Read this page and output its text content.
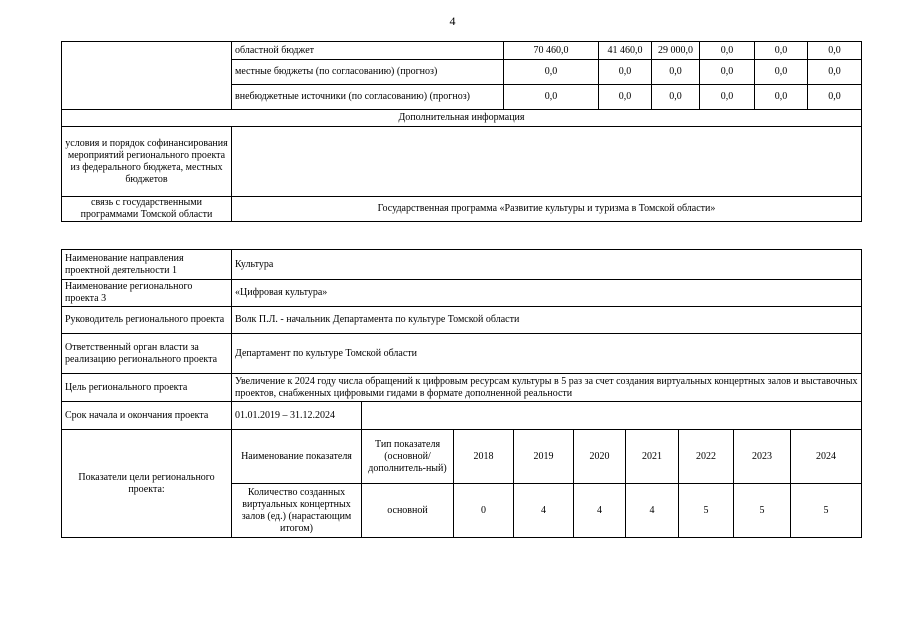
4
	областной бюджет	70 460,0	41 460,0	29 000,0	0,0	0,0	0,0
	местные бюджеты (по согласованию) (прогноз)	0,0	0,0	0,0	0,0	0,0	0,0
	внебюджетные источники (по согласованию) (прогноз)	0,0	0,0	0,0	0,0	0,0	0,0
Дополнительная информация							
условия и порядок софинансирования мероприятий регионального проекта из федерального бюджета, местных бюджетов							
связь с государственными программами Томской области	Государственная программа «Развитие культуры и туризма в Томской области»						
Наименование направления проектной деятельности 1	Культура								
Наименование регионального проекта 3	«Цифровая культура»								
Руководитель регионального проекта	Волк П.Л. - начальник Департамента по культуре Томской области								
Ответственный орган власти за реализацию регионального проекта	Департамент по культуре Томской области								
Цель регионального проекта	Увеличение к 2024 году числа обращений к цифровым ресурсам культуры в 5 раз за счет создания виртуальных концертных залов и выставочных проектов, снабженных цифровыми гидами в формате дополненной реальности								
Срок начала и окончания проекта	01.01.2019 – 31.12.2024								
Показатели цели регионального проекта:	Наименование показателя	Тип показателя (основной/ дополнитель-ный)	2018	2019	2020	2021	2022	2023	2024
	Количество созданных виртуальных концертных залов (ед.) (нарастающим итогом)	основной	0	4	4	4	5	5	5
